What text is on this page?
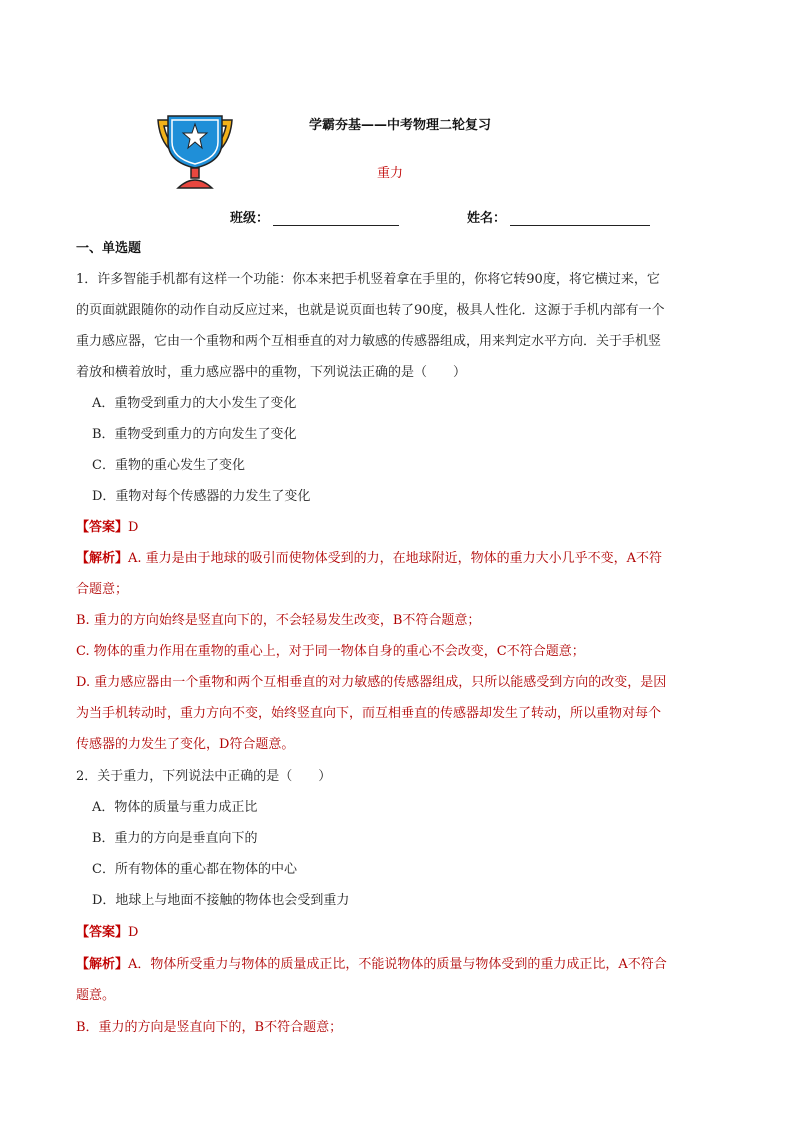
学霸夯基——中考物理二轮复习
重力
班级：	姓名：
一、单选题
1．许多智能手机都有这样一个功能：你本来把手机竖着拿在手里的，你将它转90度，将它横过来，它
的页面就跟随你的动作自动反应过来，也就是说页面也转了90度，极具人性化．这源于手机内部有一个
重力感应器，它由一个重物和两个互相垂直的对力敏感的传感器组成，用来判定水平方向．关于手机竖
着放和横着放时，重力感应器中的重物，下列说法正确的是（　　）
A．重物受到重力的大小发生了变化
B．重物受到重力的方向发生了变化
C．重物的重心发生了变化
D．重物对每个传感器的力发生了变化
【答案】D
【解析】A. 重力是由于地球的吸引而使物体受到的力，在地球附近，物体的重力大小几乎不变，A不符
合题意；
B. 重力的方向始终是竖直向下的，不会轻易发生改变，B不符合题意；
C. 物体的重力作用在重物的重心上，对于同一物体自身的重心不会改变，C不符合题意；
D. 重力感应器由一个重物和两个互相垂直的对力敏感的传感器组成，只所以能感受到方向的改变，是因
为当手机转动时，重力方向不变，始终竖直向下，而互相垂直的传感器却发生了转动，所以重物对每个
传感器的力发生了变化，D符合题意。
2．关于重力，下列说法中正确的是（　　）
A．物体的质量与重力成正比
B．重力的方向是垂直向下的
C．所有物体的重心都在物体的中心
D．地球上与地面不接触的物体也会受到重力
【答案】D
【解析】A．物体所受重力与物体的质量成正比，不能说物体的质量与物体受到的重力成正比，A不符合
题意。
B．重力的方向是竖直向下的，B不符合题意；
